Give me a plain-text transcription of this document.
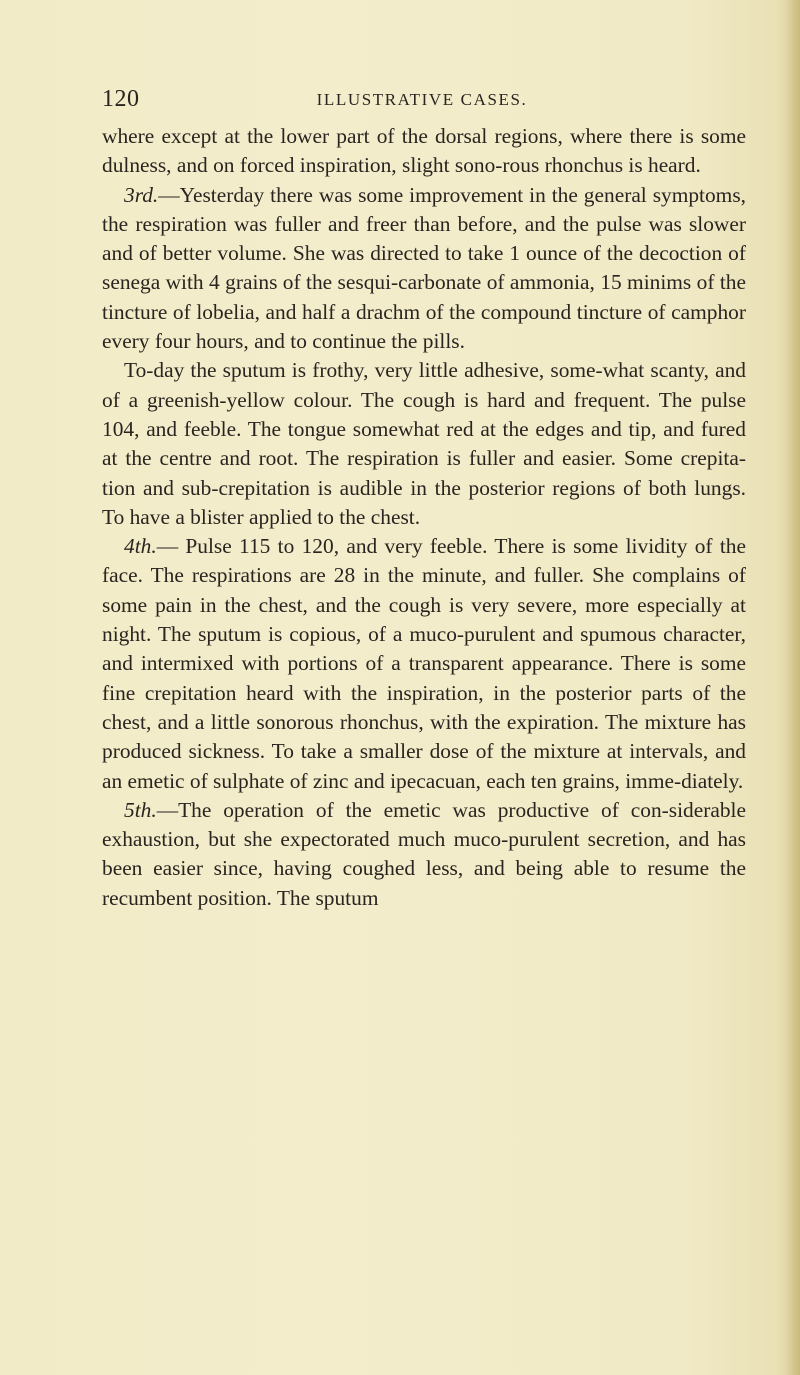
120	ILLUSTRATIVE CASES.

where except at the lower part of the dorsal regions, where there is some dulness, and on forced inspiration, slight sono-rous rhonchus is heard.

3rd.—Yesterday there was some improvement in the general symptoms, the respiration was fuller and freer than before, and the pulse was slower and of better volume. She was directed to take 1 ounce of the decoction of senega with 4 grains of the sesqui-carbonate of ammonia, 15 minims of the tincture of lobelia, and half a drachm of the compound tincture of camphor every four hours, and to continue the pills.

To-day the sputum is frothy, very little adhesive, some-what scanty, and of a greenish-yellow colour. The cough is hard and frequent. The pulse 104, and feeble. The tongue somewhat red at the edges and tip, and fured at the centre and root. The respiration is fuller and easier. Some crepita-tion and sub-crepitation is audible in the posterior regions of both lungs. To have a blister applied to the chest.

4th.— Pulse 115 to 120, and very feeble. There is some lividity of the face. The respirations are 28 in the minute, and fuller. She complains of some pain in the chest, and the cough is very severe, more especially at night. The sputum is copious, of a muco-purulent and spumous character, and intermixed with portions of a transparent appearance. There is some fine crepitation heard with the inspiration, in the posterior parts of the chest, and a little sonorous rhonchus, with the expiration. The mixture has produced sickness. To take a smaller dose of the mixture at intervals, and an emetic of sulphate of zinc and ipecacuan, each ten grains, imme-diately.

5th.—The operation of the emetic was productive of con-siderable exhaustion, but she expectorated much muco-purulent secretion, and has been easier since, having coughed less, and being able to resume the recumbent position. The sputum
